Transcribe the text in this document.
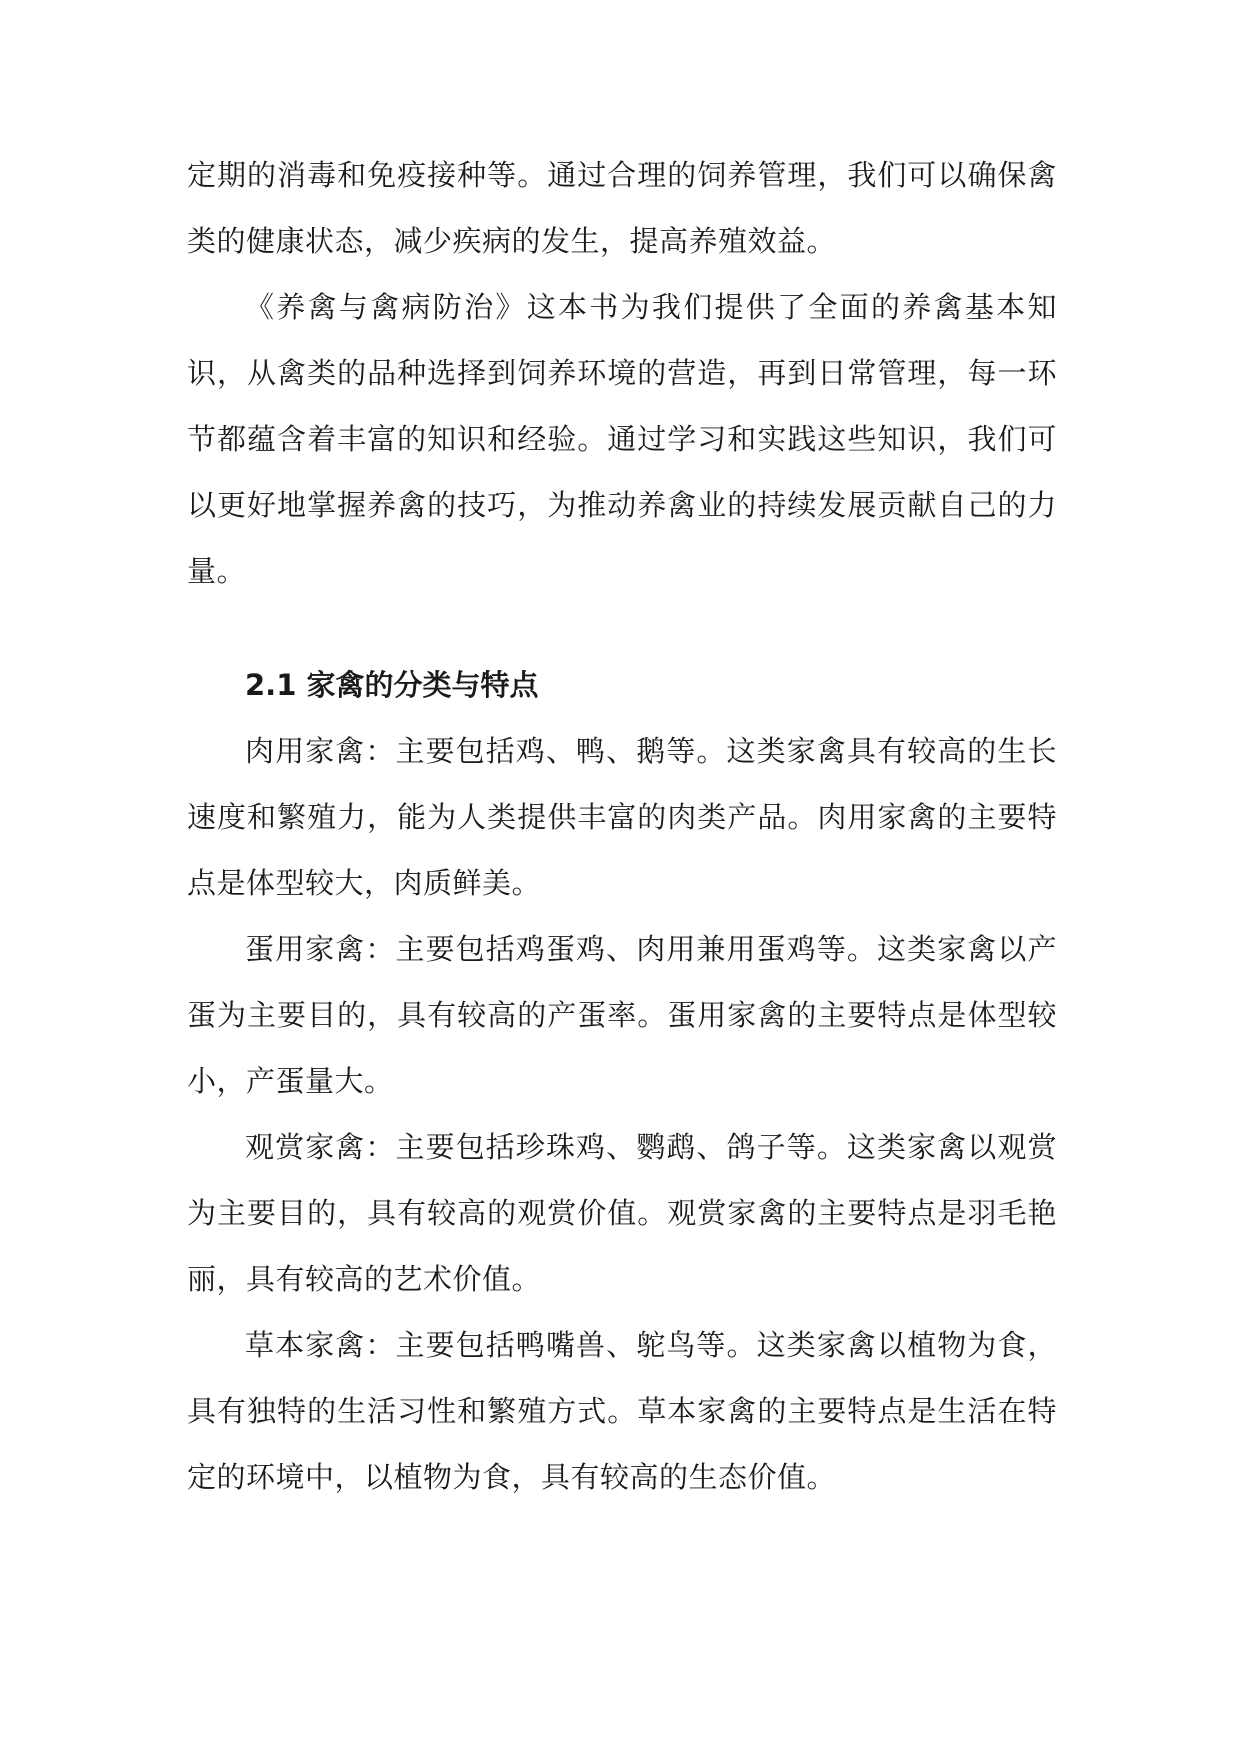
定期的消毒和免疫接种等。通过合理的饲养管理，我们可以确保禽类的健康状态，减少疾病的发生，提高养殖效益。

《养禽与禽病防治》这本书为我们提供了全面的养禽基本知识，从禽类的品种选择到饲养环境的营造，再到日常管理，每一环节都蕴含着丰富的知识和经验。通过学习和实践这些知识，我们可以更好地掌握养禽的技巧，为推动养禽业的持续发展贡献自己的力量。

2.1 家禽的分类与特点

肉用家禽：主要包括鸡、鸭、鹅等。这类家禽具有较高的生长速度和繁殖力，能为人类提供丰富的肉类产品。肉用家禽的主要特点是体型较大，肉质鲜美。

蛋用家禽：主要包括鸡蛋鸡、肉用兼用蛋鸡等。这类家禽以产蛋为主要目的，具有较高的产蛋率。蛋用家禽的主要特点是体型较小，产蛋量大。

观赏家禽：主要包括珍珠鸡、鹦鹉、鸽子等。这类家禽以观赏为主要目的，具有较高的观赏价值。观赏家禽的主要特点是羽毛艳丽，具有较高的艺术价值。

草本家禽：主要包括鸭嘴兽、鸵鸟等。这类家禽以植物为食，具有独特的生活习性和繁殖方式。草本家禽的主要特点是生活在特定的环境中，以植物为食，具有较高的生态价值。
